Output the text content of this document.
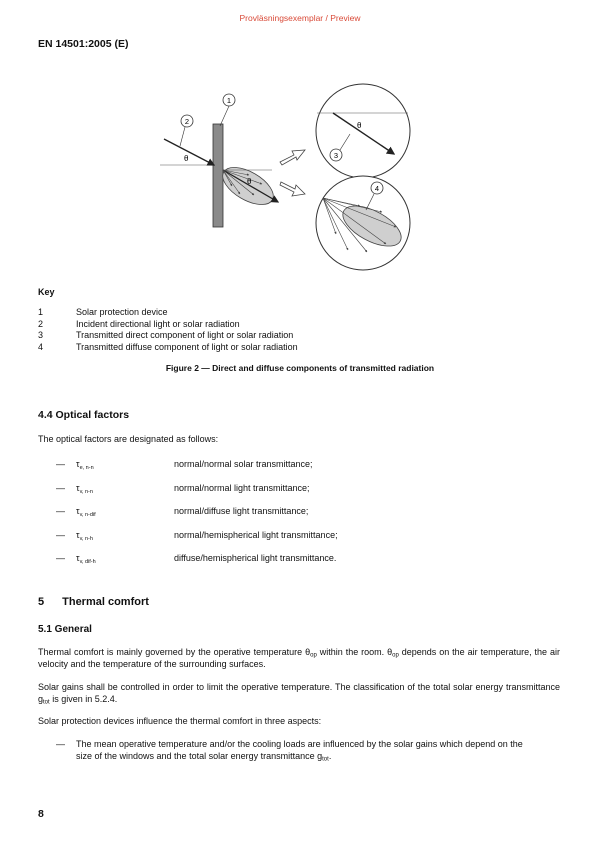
Provläsningsexemplar / Preview
EN 14501:2005 (E)
1
θ
2
θ
θ
3
4
Key
1	Solar protection device
2	Incident directional light or solar radiation
3	Transmitted direct component of light or solar radiation
4	Transmitted diffuse component of light or solar radiation
Figure 2 — Direct and diffuse components of transmitted radiation
4.4 Optical factors
The optical factors are designated as follows:
—	$\tau_{e, n-n}$	normal/normal solar transmittance;
—	$\tau_{v, n-n}$	normal/normal light transmittance;
—	$\tau_{v, n-dif}$	normal/diffuse light transmittance;
—	$\tau_{v, n-h}$	normal/hemispherical light transmittance;
—	$\tau_{v, dif-h}$	diffuse/hemispherical light transmittance.
5 Thermal comfort
5.1 General
Thermal comfort is mainly governed by the operative temperature $\theta_{op}$ within the room. $\theta_{op}$ depends on the air temperature, the air velocity and the temperature of the surrounding surfaces.
Solar gains shall be controlled in order to limit the operative temperature. The classification of the total solar energy transmittance $g_{tot}$ is given in 5.2.4.
Solar protection devices influence the thermal comfort in three aspects:
—	The mean operative temperature and/or the cooling loads are influenced by the solar gains which depend on the size of the windows and the total solar energy transmittance $g_{tot}$.
8
